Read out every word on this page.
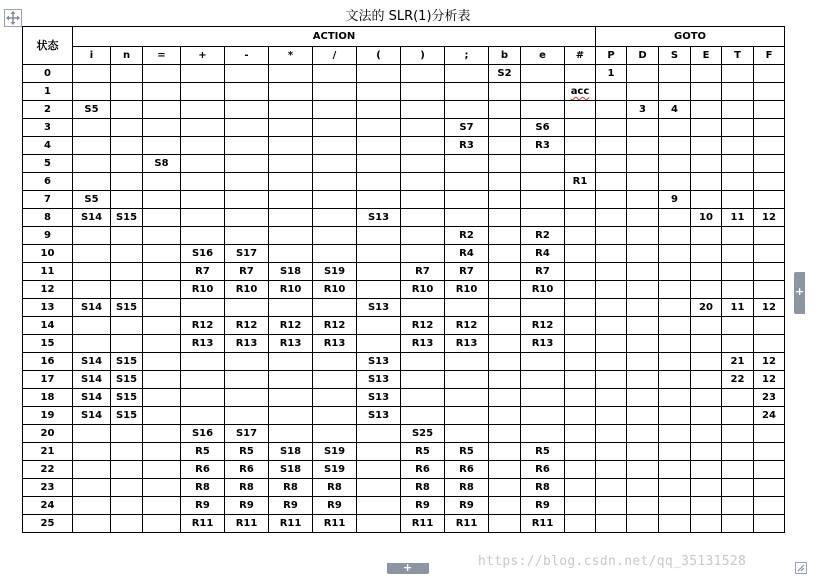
文法的 SLR(1)分析表
状态	ACTION													GOTO					
	i	n	=	+	-	*	/	(	)	;	b	e	#	P	D	S	E	T	F
0											S2			1					
1													acc						
2	S5														3	4			
3										S7		S6							
4										R3		R3							
5			S8																
6													R1						
7	S5															9			
8	S14	S15						S13									10	11	12
9										R2		R2							
10				S16	S17					R4		R4							
11				R7	R7	S18	S19		R7	R7		R7							
12				R10	R10	R10	R10		R10	R10		R10							
13	S14	S15						S13									20	11	12
14				R12	R12	R12	R12		R12	R12		R12							
15				R13	R13	R13	R13		R13	R13		R13							
16	S14	S15						S13										21	12
17	S14	S15						S13										22	12
18	S14	S15						S13											23
19	S14	S15						S13											24
20				S16	S17				S25										
21				R5	R5	S18	S19		R5	R5		R5							
22				R6	R6	S18	S19		R6	R6		R6							
23				R8	R8	R8	R8		R8	R8		R8							
24				R9	R9	R9	R9		R9	R9		R9							
25				R11	R11	R11	R11		R11	R11		R11							
+
+	https://blog.csdn.net/qq_35131528
